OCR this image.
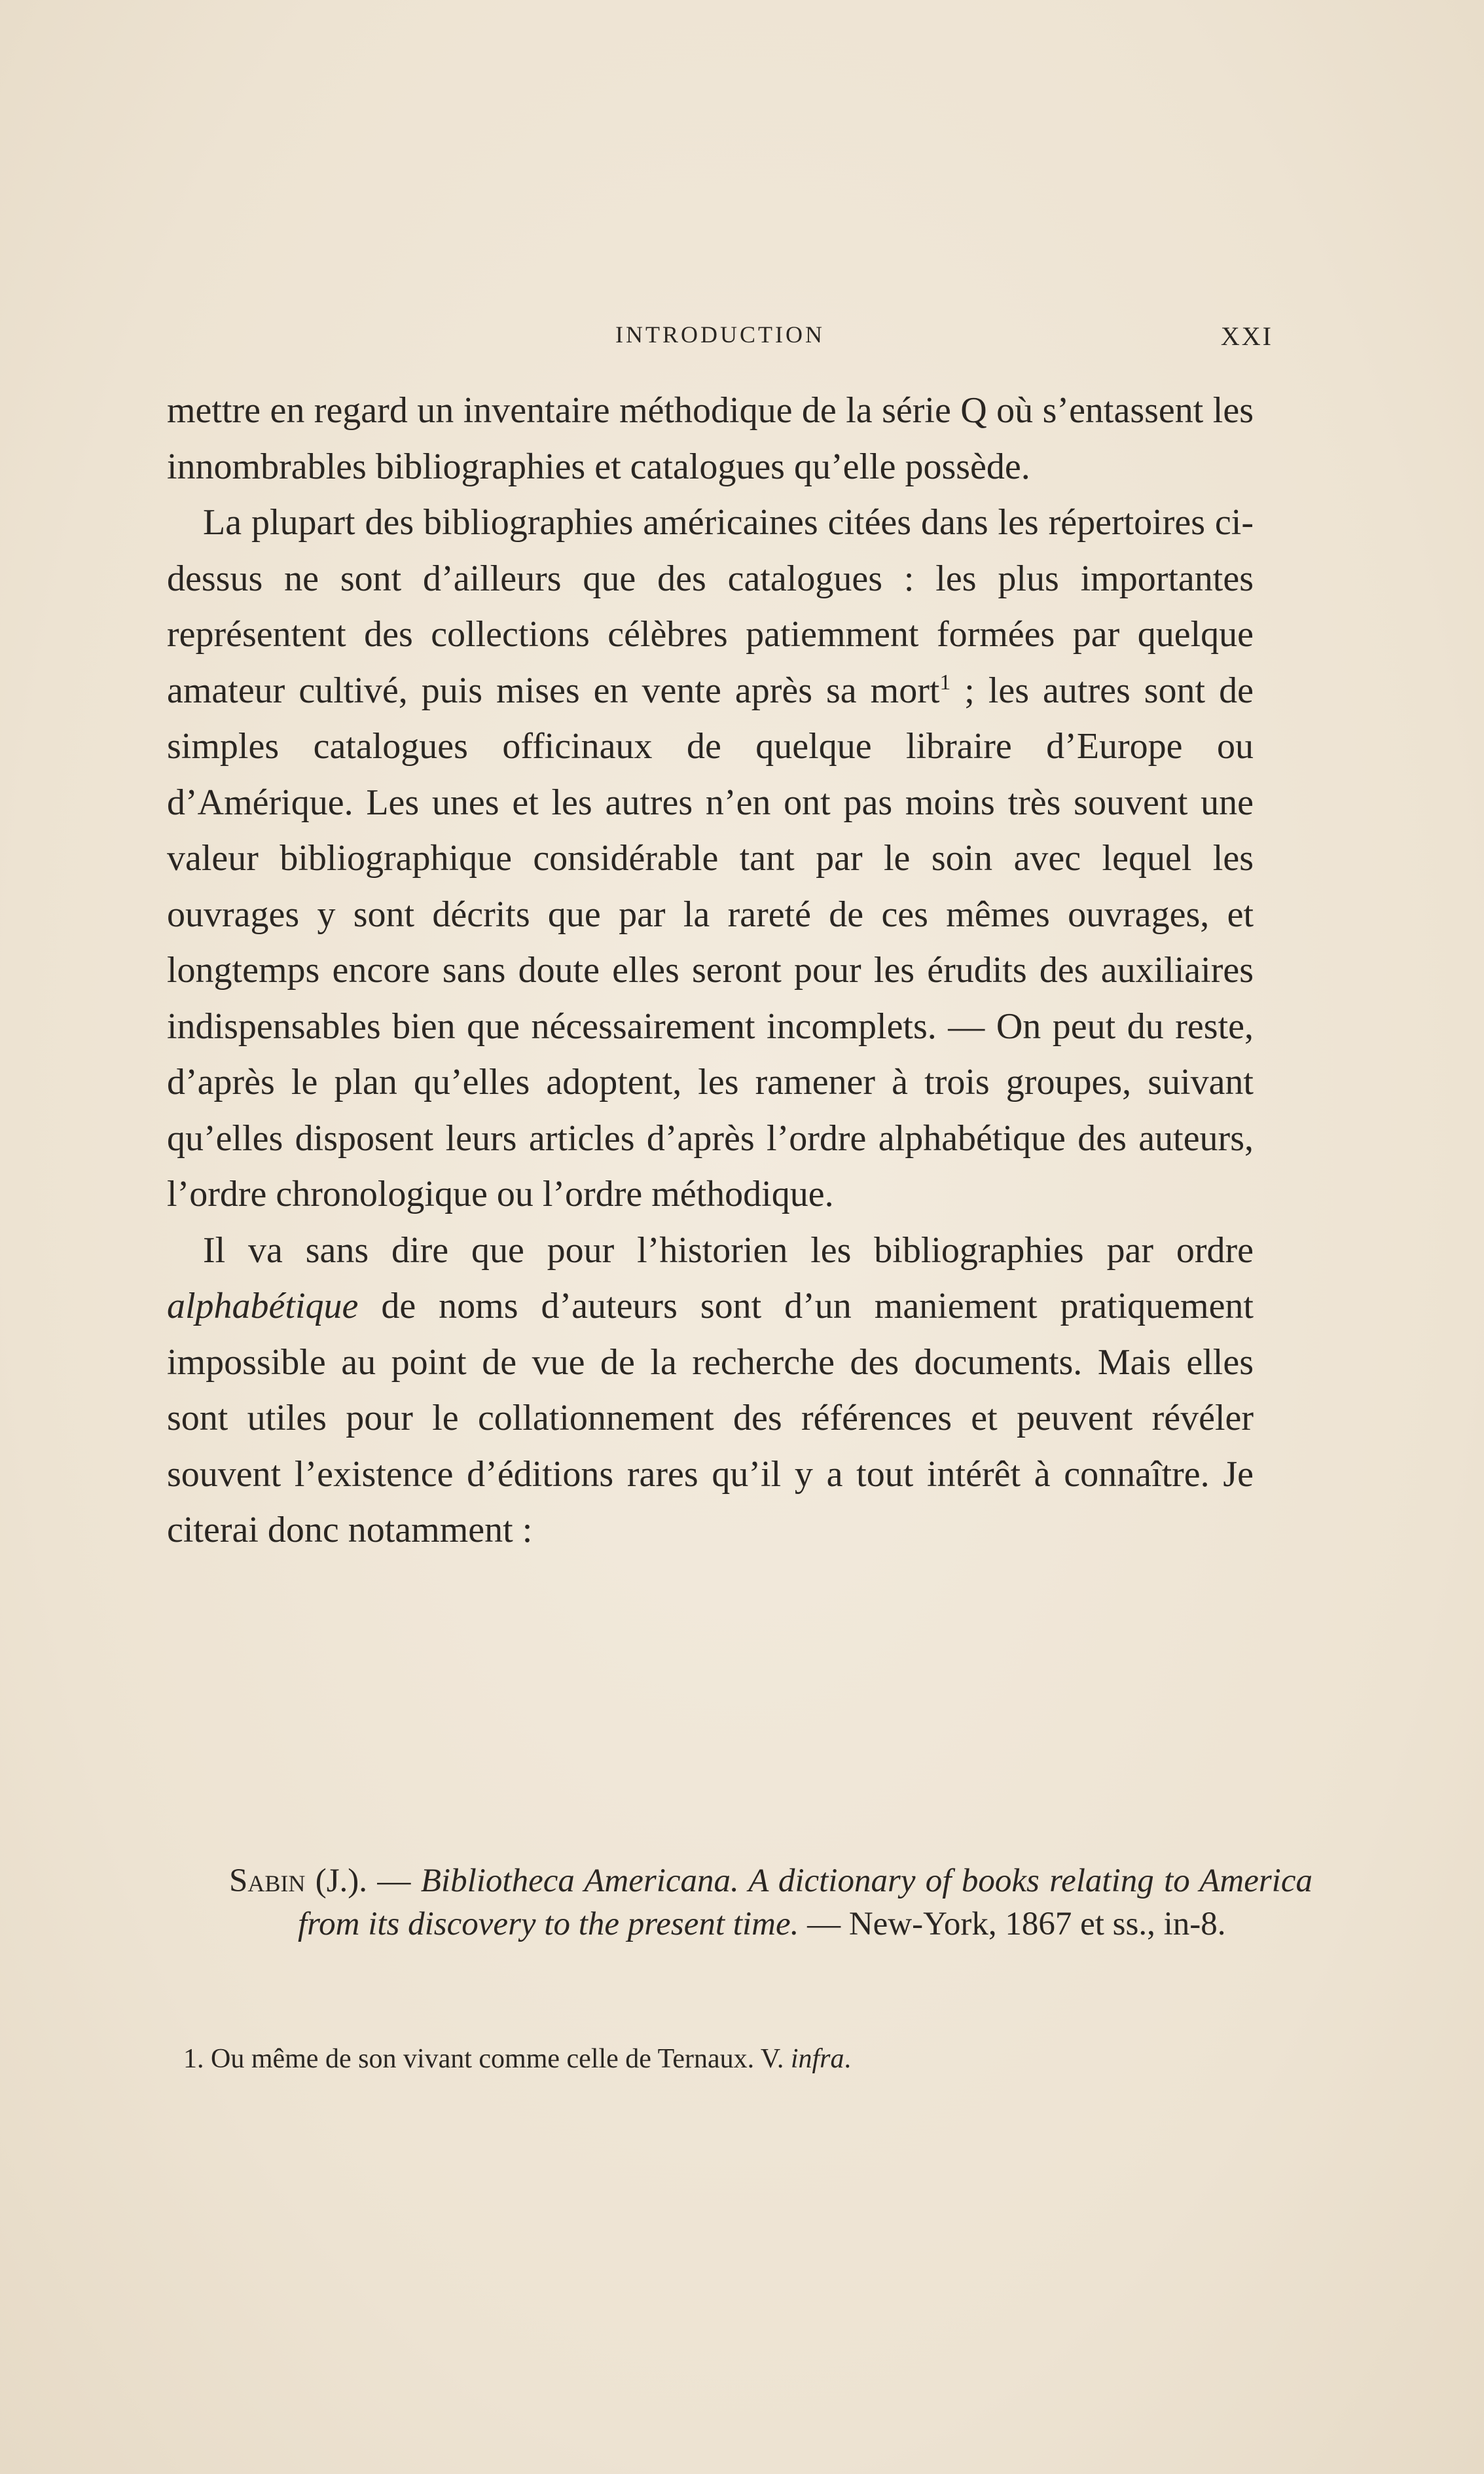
INTRODUCTION	XXI

mettre en regard un inventaire méthodique de la série Q où s’entassent les innombrables bibliographies et catalogues qu’elle possède.

La plupart des bibliographies américaines citées dans les répertoires ci-dessus ne sont d’ailleurs que des catalogues : les plus importantes représentent des collections célèbres patiemment formées par quelque amateur cultivé, puis mises en vente après sa mort$^1$ ; les autres sont de simples catalogues officinaux de quelque libraire d’Europe ou d’Amérique. Les unes et les autres n’en ont pas moins très souvent une valeur bibliographique considérable tant par le soin avec lequel les ouvrages y sont décrits que par la rareté de ces mêmes ouvrages, et longtemps encore sans doute elles seront pour les érudits des auxiliaires indispensables bien que nécessairement incomplets. — On peut du reste, d’après le plan qu’elles adoptent, les ramener à trois groupes, suivant qu’elles disposent leurs articles d’après l’ordre alphabétique des auteurs, l’ordre chronologique ou l’ordre méthodique.

Il va sans dire que pour l’historien les bibliographies par ordre alphabétique de noms d’auteurs sont d’un maniement pratiquement impossible au point de vue de la recherche des documents. Mais elles sont utiles pour le collationnement des références et peuvent révéler souvent l’existence d’éditions rares qu’il y a tout intérêt à connaître. Je citerai donc notamment :

Sabin (J.). — Bibliotheca Americana. A dictionary of books relating to America from its discovery to the present time. — New-York, 1867 et ss., in-8.
1. Ou même de son vivant comme celle de Ternaux. V. infra.
